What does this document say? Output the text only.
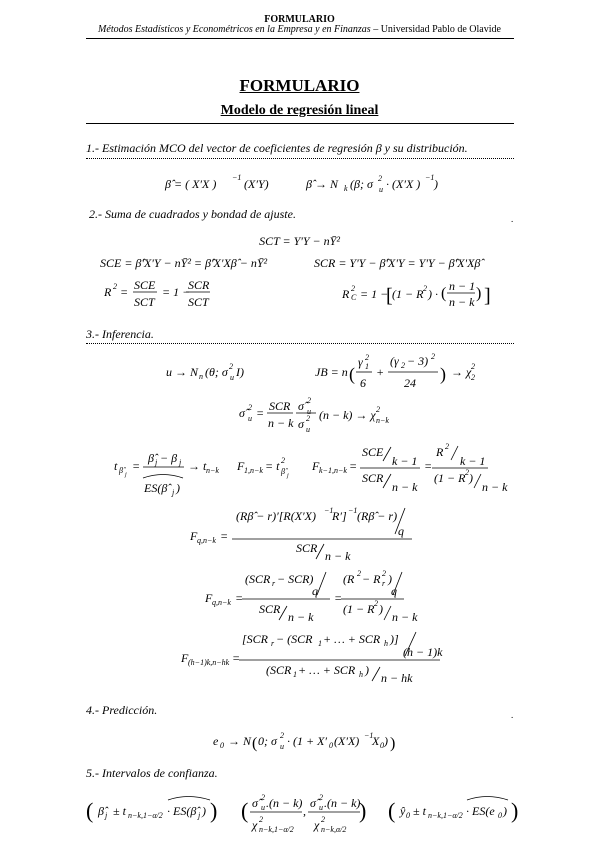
FORMULARIO
Métodos Estadísticos y Econométricos en la Empresa y en Finanzas – Universidad Pablo de Olavide
FORMULARIO
Modelo de regresión lineal
1.- Estimación MCO del vector de coeficientes de regresión β y su distribución.
2.- Suma de cuadrados y bondad de ajuste.	.
3.- Inferencia.
4.- Predicción.	.
5.- Intervalos de confianza.
SCT = Y'Y − nȲ²
SCE = β̂'X'Y − nȲ² = β̂'X'Xβ̂ − nȲ²	SCR = Y'Y − β̂'X'Y = Y'Y − β̂'X'Xβ̂
β̂ = ( X′X ) −1 (X′Y)	β̂ → N k (β; σ 2
u · (X′X ) −1 )
R 2 = SCE
SCT
= 1 −
SCR
SCT
R C
2 = 1 −
[ (1 − R 2 ) · ( n − 1
n − k ) ]
u → N n (θ; σ 2
u I)	JB = n (
γ 2
1
6
+
(γ 2 − 3) 2
24 ) → χ 2
2
σ̂ 2
u = SCR
n − k
σ̂ 2
u
σ 2
u
(n − k) → χ 2
n−k
t β̂ j
=
β̂ j − β j
ES(β̂ j )
→ t n−k F 1,n−k = t 2
β̂ j
F k−1,n−k =
SCE
k − 1
SCR
n − k
=
R 2
k − 1
(1 − R 2 )
n − k
F q,n−k =
(Rβ̂ − r)′[R(X′X) −1
R′] −1 (Rβ̂ − r)
q
SCR
n − k
F q,n−k =
(SCR r − SCR)
q
SCR
n − k
=
(R 2 − R 2
r )
q
(1 − R 2 )
n − k
F (h−1)k,n−hk =
[SCR r − (SCR 1 + … + SCR h )]
(h − 1)k
(SCR 1 + … + SCR h )
n − hk
e 0 → N ( 0; σ 2
u · (1 + X′ 0 (X′X) −1
X 0 ) )
( β̂ j ± t n−k,1−α/2 · ES(β̂ j ) ) ( σ̂ 2
u .(n − k)
χ 2
n−k,1−α/2
,
σ̂ 2
u .(n − k)
χ 2
n−k,α/2
) ( ŷ 0 ± t n−k,1−α/2 · ES(e 0 ) )
